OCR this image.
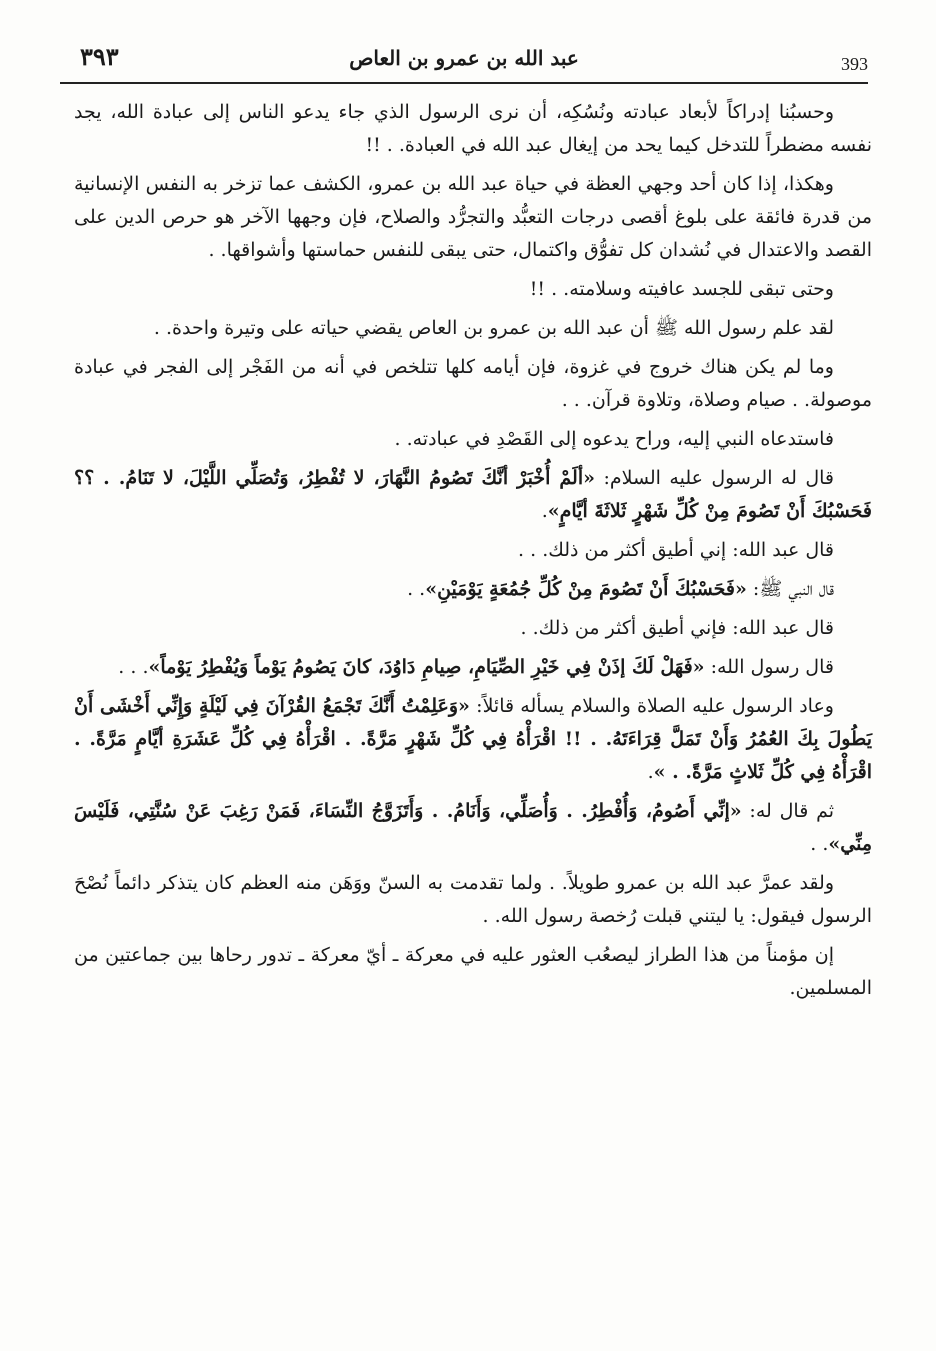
٣٩٣	عبد الله بن عمرو بن العاص	393

وحسبُنا إدراكاً لأبعاد عبادته ونُسُكِه، أن نرى الرسول الذي جاء يدعو الناس إلى عبادة الله، يجد نفسه مضطراً للتدخل كيما يحد من إيغال عبد الله في العبادة. . !!

وهكذا، إذا كان أحد وجهي العظة في حياة عبد الله بن عمرو، الكشف عما تزخر به النفس الإنسانية من قدرة فائقة على بلوغ أقصى درجات التعبُّد والتجرُّد والصلاح، فإن وجهها الآخر هو حرص الدين على القصد والاعتدال في نُشدان كل تفوُّق واكتمال، حتى يبقى للنفس حماستها وأشواقها. .

وحتى تبقى للجسد عافيته وسلامته. . !!

لقد علم رسول الله ﷺ أن عبد الله بن عمرو بن العاص يقضي حياته على وتيرة واحدة. .

وما لم يكن هناك خروج في غزوة، فإن أيامه كلها تتلخص في أنه من الفَجْر إلى الفجر في عبادة موصولة. . صيام وصلاة، وتلاوة قرآن. . .

فاستدعاه النبي إليه، وراح يدعوه إلى القَصْدِ في عبادته. .

قال له الرسول عليه السلام: «ألَمْ أُخْبَرْ أنَّكَ تَصُومُ النَّهَارَ، لا تُفْطِرُ، وَتُصَلِّي اللَّيْلَ، لا تَنَامُ. . ؟؟ فَحَسْبُكَ أَنْ تَصُومَ مِنْ كُلِّ شَهْرٍ ثَلاثَةَ أيَّامٍ».

قال عبد الله: إني أطيق أكثر من ذلك. . .

قال النبي ﷺ: «فَحَسْبُكَ أَنْ تَصُومَ مِنْ كُلِّ جُمُعَةٍ يَوْمَيْنِ». .

قال عبد الله: فإني أطيق أكثر من ذلك. .

قال رسول الله: «فَهَلْ لَكَ إذَنْ فِي خَيْرِ الصِّيَامِ، صِيامِ دَاوُدَ، كانَ يَصُومُ يَوْماً وَيُفْطِرُ يَوْماً». . .

وعاد الرسول عليه الصلاة والسلام يسأله قائلاً: «وَعَلِمْتُ أَنَّكَ تَجْمَعُ القُرْآنَ فِي لَيْلَةٍ وَإِنِّي أَخْشَى أَنْ يَطُولَ بِكَ العُمُرُ وَأَنْ تَمَلَّ قِرَاءَتَهُ. . !! اقْرَأْهُ فِي كُلِّ شَهْرٍ مَرَّةً. . اقْرَأْهُ فِي كُلِّ عَشَرَةِ أيَّامٍ مَرَّةً. . اقْرَأْهُ فِي كُلِّ ثَلاثٍ مَرَّةً. . ».

ثم قال له: «إنِّي أَصُومُ، وَأُفْطِرُ. . وَأُصَلِّي، وَأَنَامُ. . وَأَتَزَوَّجُ النِّسَاءَ، فَمَنْ رَغِبَ عَنْ سُنَّتِي، فَلَيْسَ مِنِّي». .

ولقد عمرَّ عبد الله بن عمرو طويلاً. . ولما تقدمت به السنّ ووَهَن منه العظم كان يتذكر دائماً نُصْحَ الرسول فيقول: يا ليتني قبلت رُخصة رسول الله. .

إن مؤمناً من هذا الطراز ليصعُب العثور عليه في معركة ـ أيّ معركة ـ تدور رحاها بين جماعتين من المسلمين.
